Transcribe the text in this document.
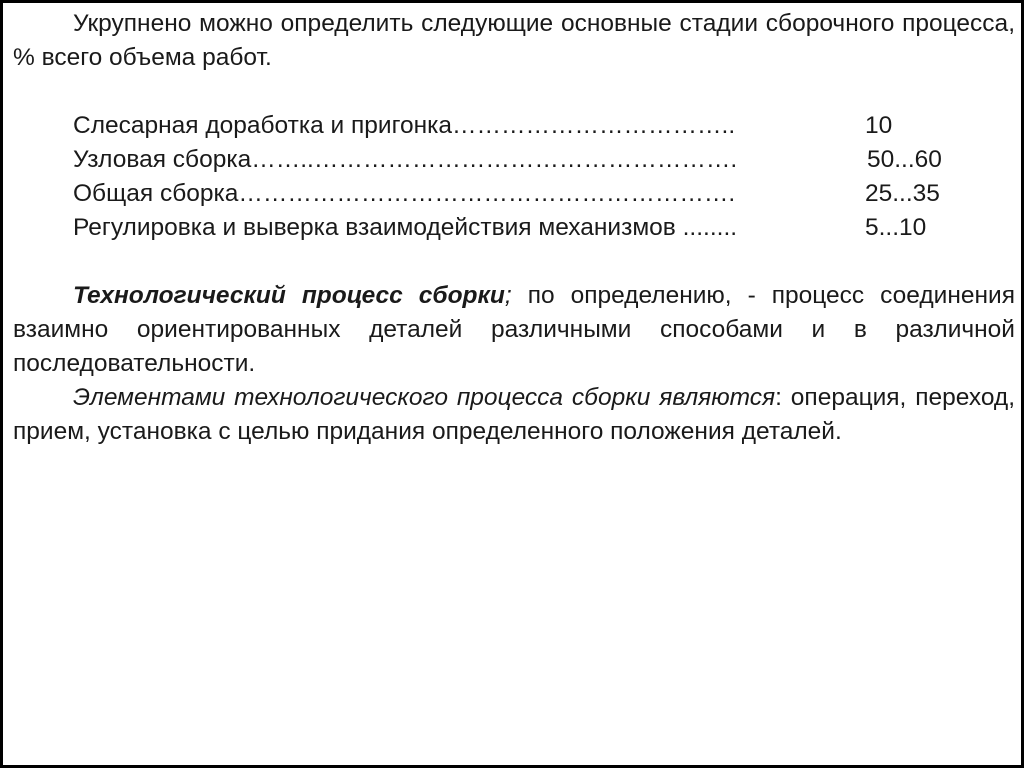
Укрупнено можно определить следующие основные стадии сборочного процесса, % всего объема работ.

Слесарная доработка и пригонка……………………………..	10
Узловая сборка……..…………………………………………….	50...60
Общая сборка…………………………………………………….	25...35
Регулировка и выверка взаимодействия механизмов ........	5...10

Технологический процесс сборки; по определению, - процесс соединения взаимно ориентированных деталей различными способами и в различной последовательности.

Элементами технологического процесса сборки являются: операция, переход, прием, установка с целью придания определенного положения деталей.
